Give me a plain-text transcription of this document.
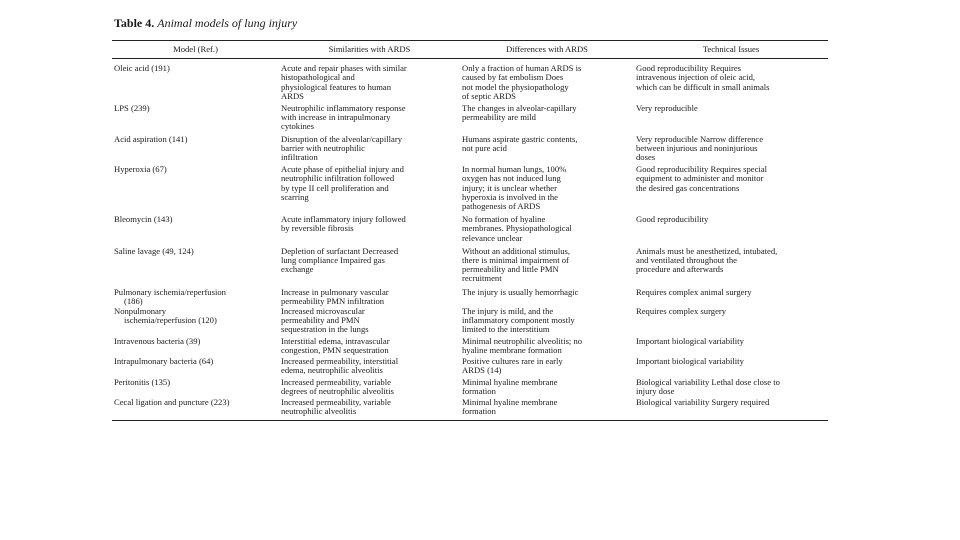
Table 4. Animal models of lung injury
Model (Ref.)	Similarities with ARDS	Differences with ARDS	Technical Issues

Oleic acid (191)	Acute and repair phases with similar
histopathological and
physiological features to human
ARDS	Only a fraction of human ARDS is
caused by fat embolism Does
not model the physiopathology
of septic ARDS	Good reproducibility Requires
intravenous injection of oleic acid,
which can be difficult in small animals

LPS (239)	Neutrophilic inflammatory response
with increase in intrapulmonary
cytokines	The changes in alveolar-capillary
permeability are mild	Very reproducible

Acid aspiration (141)	Disruption of the alveolar/capillary
barrier with neutrophilic
infiltration	Humans aspirate gastric contents,
not pure acid	Very reproducible Narrow difference
between injurious and noninjurious
doses

Hyperoxia (67)	Acute phase of epithelial injury and
neutrophilic infiltration followed
by type II cell proliferation and
scarring	In normal human lungs, 100%
oxygen has not induced lung
injury; it is unclear whether
hyperoxia is involved in the
pathogenesis of ARDS	Good reproducibility Requires special
equipment to administer and monitor
the desired gas concentrations

Bleomycin (143)	Acute inflammatory injury followed
by reversible fibrosis	No formation of hyaline
membranes. Physiopathological
relevance unclear	Good reproducibility

Saline lavage (49, 124)	Depletion of surfactant Decreased
lung compliance Impaired gas
exchange	Without an additional stimulus,
there is minimal impairment of
permeability and little PMN
recruitment	Animals must be anesthetized, intubated,
and ventilated throughout the
procedure and afterwards

Pulmonary ischemia/reperfusion
(186)	Increase in pulmonary vascular
permeability PMN infiltration	The injury is usually hemorrhagic	Requires complex animal surgery

Nonpulmonary
ischemia/reperfusion (120)	Increased microvascular
permeability and PMN
sequestration in the lungs	The injury is mild, and the
inflammatory component mostly
limited to the interstitium	Requires complex surgery

Intravenous bacteria (39)	Interstitial edema, intravascular
congestion, PMN sequestration	Minimal neutrophilic alveolitis; no
hyaline membrane formation	Important biological variability

Intrapulmonary bacteria (64)	Increased permeability, interstitial
edema, neutrophilic alveolitis	Positive cultures rare in early
ARDS (14)	Important biological variability

Peritonitis (135)	Increased permeability, variable
degrees of neutrophilic alveolitis	Minimal hyaline membrane
formation	Biological variability Lethal dose close to
injury dose

Cecal ligation and puncture (223)	Increased permeability, variable
neutrophilic alveolitis	Minimal hyaline membrane
formation	Biological variability Surgery required
